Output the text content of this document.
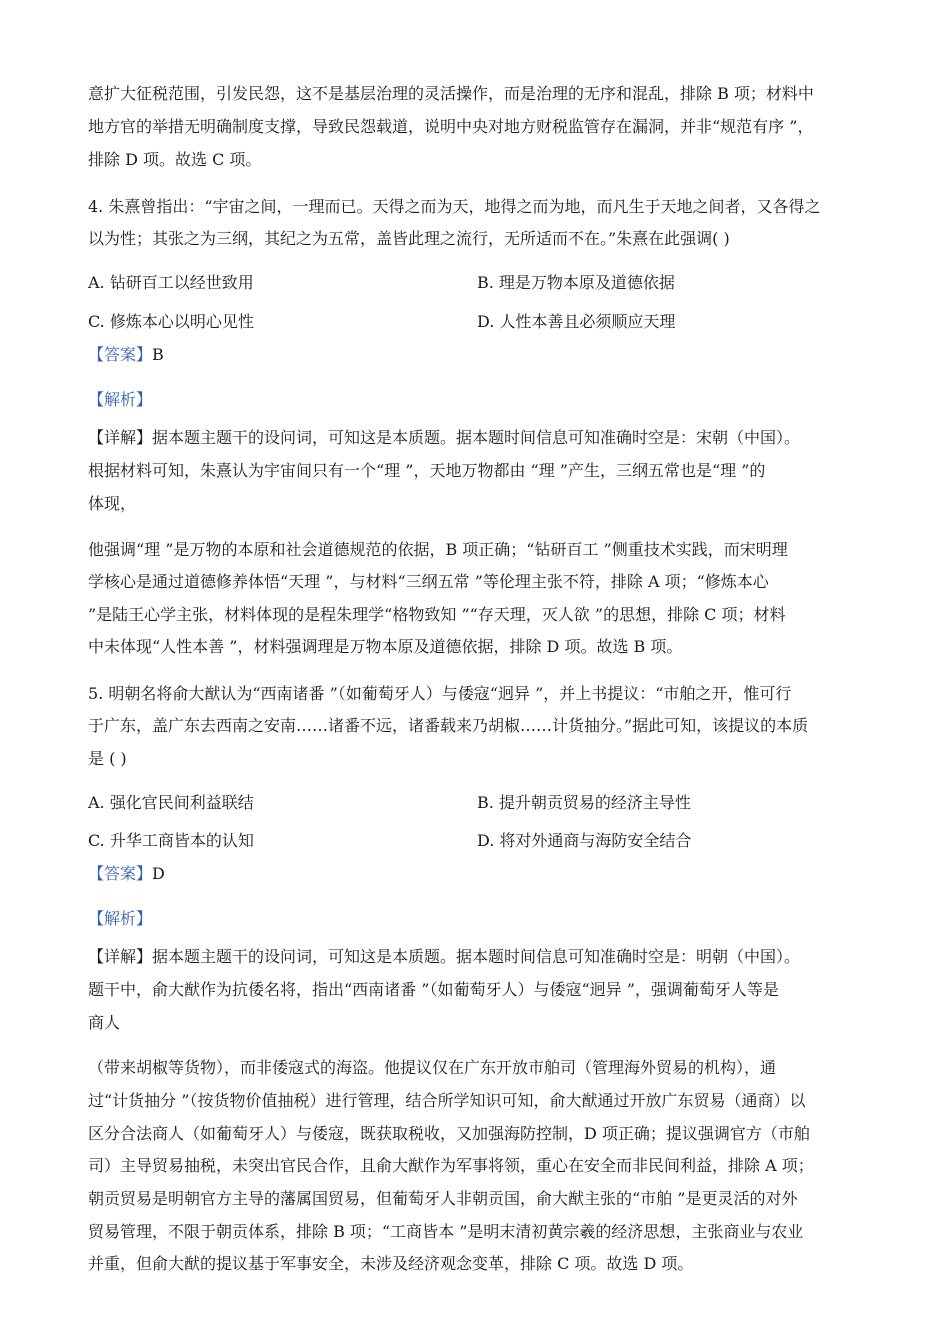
意扩大征税范围，引发民怨，这不是基层治理的灵活操作，而是治理的无序和混乱，排除 B 项；材料中
地方官的举措无明确制度支撑，导致民怨载道，说明中央对地方财税监管存在漏洞，并非“规范有序 ”，
排除 D 项。故选 C 项。
4. 朱熹曾指出：“宇宙之间，一理而已。天得之而为天，地得之而为地，而凡生于天地之间者，又各得之
以为性；其张之为三纲，其纪之为五常，盖皆此理之流行，无所适而不在。”朱熹在此强调( )
A. 钻研百工以经世致用	B. 理是万物本原及道德依据
C. 修炼本心以明心见性	D. 人性本善且必须顺应天理
【答案】B
【解析】
【详解】据本题主题干的设问词，可知这是本质题。据本题时间信息可知准确时空是：宋朝（中国）。
根据材料可知，朱熹认为宇宙间只有一个“理 ”，天地万物都由 “理 ”产生，三纲五常也是“理 ”的
体现，
他强调“理 ”是万物的本原和社会道德规范的依据，B 项正确；“钻研百工 ”侧重技术实践，而宋明理
学核心是通过道德修养体悟“天理 ”，与材料“三纲五常 ”等伦理主张不符，排除 A 项；“修炼本心
”是陆王心学主张，材料体现的是程朱理学“格物致知 ”“存天理，灭人欲 ”的思想，排除 C 项；材料
中未体现“人性本善 ”，材料强调理是万物本原及道德依据，排除 D 项。故选 B 项。
5. 明朝名将俞大猷认为“西南诸番 ”（如葡萄牙人）与倭寇“迥异 ”，并上书提议：“市舶之开，惟可行
于广东，盖广东去西南之安南……诸番不远，诸番载来乃胡椒……计货抽分。”据此可知，该提议的本质
是 ( )
A. 强化官民间利益联结	B. 提升朝贡贸易的经济主导性
C. 升华工商皆本的认知	D. 将对外通商与海防安全结合
【答案】D
【解析】
【详解】据本题主题干的设问词，可知这是本质题。据本题时间信息可知准确时空是：明朝（中国）。
题干中，俞大猷作为抗倭名将，指出“西南诸番 ”（如葡萄牙人）与倭寇“迥异 ”，强调葡萄牙人等是
商人
（带来胡椒等货物），而非倭寇式的海盗。他提议仅在广东开放市舶司（管理海外贸易的机构），通
过“计货抽分 ”（按货物价值抽税）进行管理，结合所学知识可知，俞大猷通过开放广东贸易（通商）以
区分合法商人（如葡萄牙人）与倭寇，既获取税收，又加强海防控制，D 项正确；提议强调官方（市舶
司）主导贸易抽税，未突出官民合作，且俞大猷作为军事将领，重心在安全而非民间利益，排除 A 项；
朝贡贸易是明朝官方主导的藩属国贸易，但葡萄牙人非朝贡国，俞大猷主张的“市舶 ”是更灵活的对外
贸易管理，不限于朝贡体系，排除 B 项；“工商皆本 ”是明末清初黄宗羲的经济思想，主张商业与农业
并重，但俞大猷的提议基于军事安全，未涉及经济观念变革，排除 C 项。故选 D 项。
